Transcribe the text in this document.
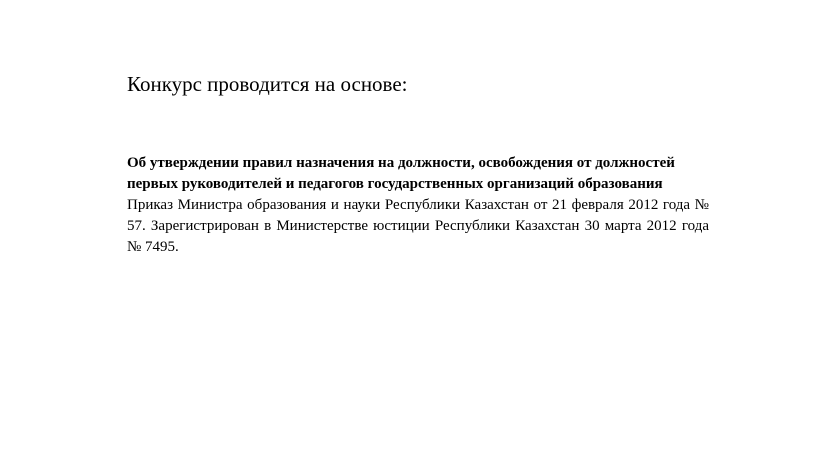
Конкурс проводится на основе:
Об утверждении правил назначения на должности, освобождения от должностей первых руководителей и педагогов государственных организаций образования
Приказ Министра образования и науки Республики Казахстан от 21 февраля 2012 года № 57. Зарегистрирован в Министерстве юстиции Республики Казахстан 30 марта 2012 года № 7495.
